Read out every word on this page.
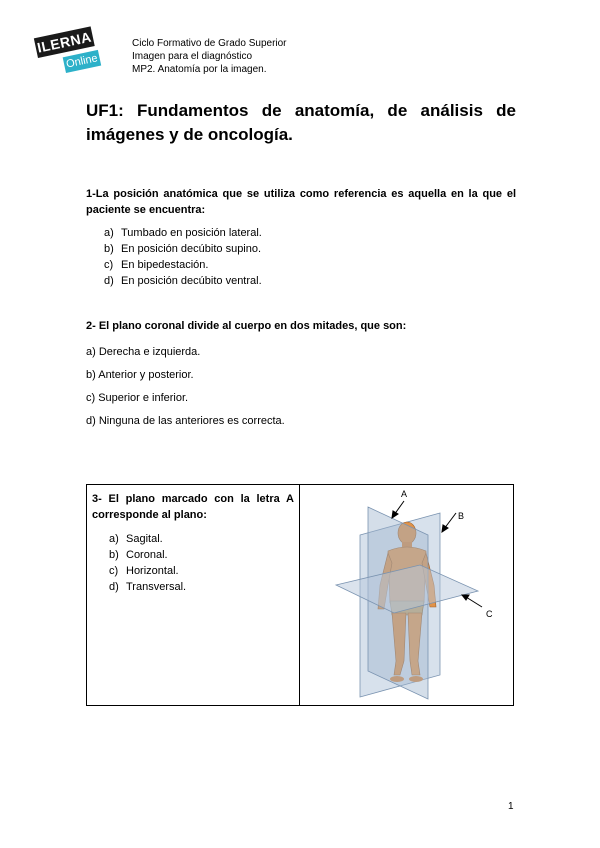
ILERNA
Online
Ciclo Formativo de Grado Superior
Imagen para el diagnóstico
MP2. Anatomía por la imagen.
UF1: Fundamentos de anatomía, de análisis de imágenes y de oncología.
1-La posición anatómica que se utiliza como referencia es aquella en la que el paciente se encuentra:
a) Tumbado en posición lateral.
b) En posición decúbito supino.
c) En bipedestación.
d) En posición decúbito ventral.
2- El plano coronal divide al cuerpo en dos mitades, que son:
a) Derecha e izquierda.
b) Anterior y posterior.
c) Superior e inferior.
d) Ninguna de las anteriores es correcta.
3- El plano marcado con la letra A corresponde al plano:
a) Sagital.
b) Coronal.
c) Horizontal.
d) Transversal.
A
B
C
1
